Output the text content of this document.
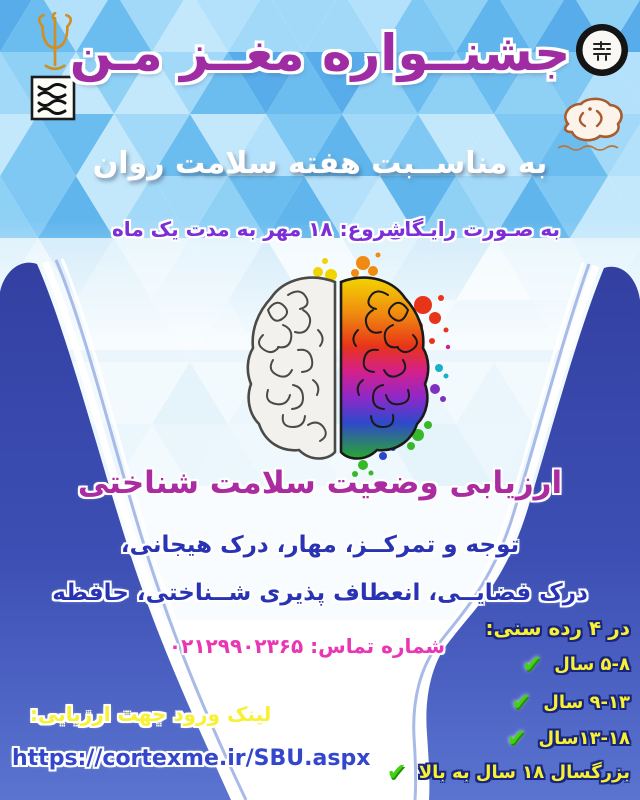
جشنــواره مغــز مـن
به مناســبت هفته سلامت روان
به صـورت رایـگان
شروع: ۱۸ مهر به مدت یک ماه
ارزیابی وضعیت سلامت شناختی
توجه و تمرکــز، مهار، درک هیجانی،
درک فضایــی، انعطاف پذیری شــناختی، حافظه
شماره تماس: ۰۲۱۲۹۹۰۲۳۶۵
در ۴ رده سنی:
۵-۸ سال
✔
۹-۱۳ سال
✔
۱۳-۱۸سال
✔
بزرگسال ۱۸ سال به بالا
✔
لینک ورود جهت ارزیابی:
https://cortexme.ir/SBU.aspx
